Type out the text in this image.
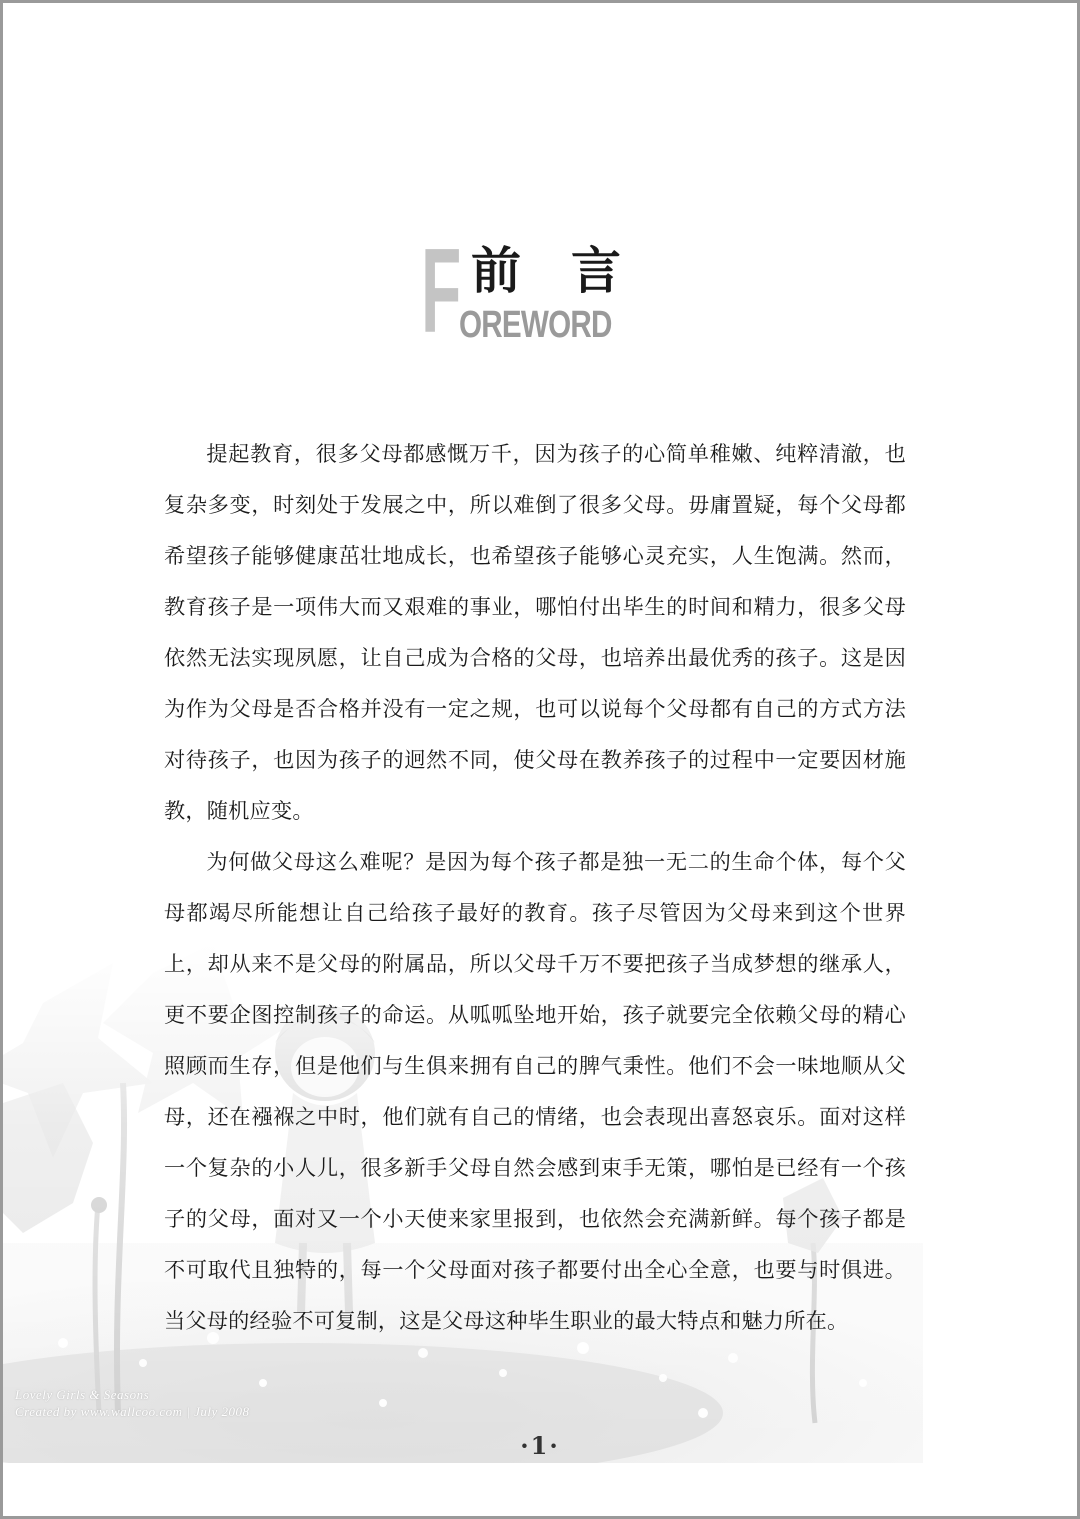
Lovely Girls & Seasons
Created by www.wallcoo.com | July 2008
F 前　言
OREWORD

提起教育，很多父母都感慨万千，因为孩子的心简单稚嫩、纯粹清澈，也复杂多变，时刻处于发展之中，所以难倒了很多父母。毋庸置疑，每个父母都希望孩子能够健康茁壮地成长，也希望孩子能够心灵充实，人生饱满。然而，教育孩子是一项伟大而又艰难的事业，哪怕付出毕生的时间和精力，很多父母依然无法实现夙愿，让自己成为合格的父母，也培养出最优秀的孩子。这是因为作为父母是否合格并没有一定之规，也可以说每个父母都有自己的方式方法对待孩子，也因为孩子的迥然不同，使父母在教养孩子的过程中一定要因材施教，随机应变。

为何做父母这么难呢？是因为每个孩子都是独一无二的生命个体，每个父母都竭尽所能想让自己给孩子最好的教育。孩子尽管因为父母来到这个世界上，却从来不是父母的附属品，所以父母千万不要把孩子当成梦想的继承人，更不要企图控制孩子的命运。从呱呱坠地开始，孩子就要完全依赖父母的精心照顾而生存，但是他们与生俱来拥有自己的脾气秉性。他们不会一味地顺从父母，还在襁褓之中时，他们就有自己的情绪，也会表现出喜怒哀乐。面对这样一个复杂的小人儿，很多新手父母自然会感到束手无策，哪怕是已经有一个孩子的父母，面对又一个小天使来家里报到，也依然会充满新鲜。每个孩子都是不可取代且独特的，每一个父母面对孩子都要付出全心全意，也要与时俱进。当父母的经验不可复制，这是父母这种毕生职业的最大特点和魅力所在。

·1·
